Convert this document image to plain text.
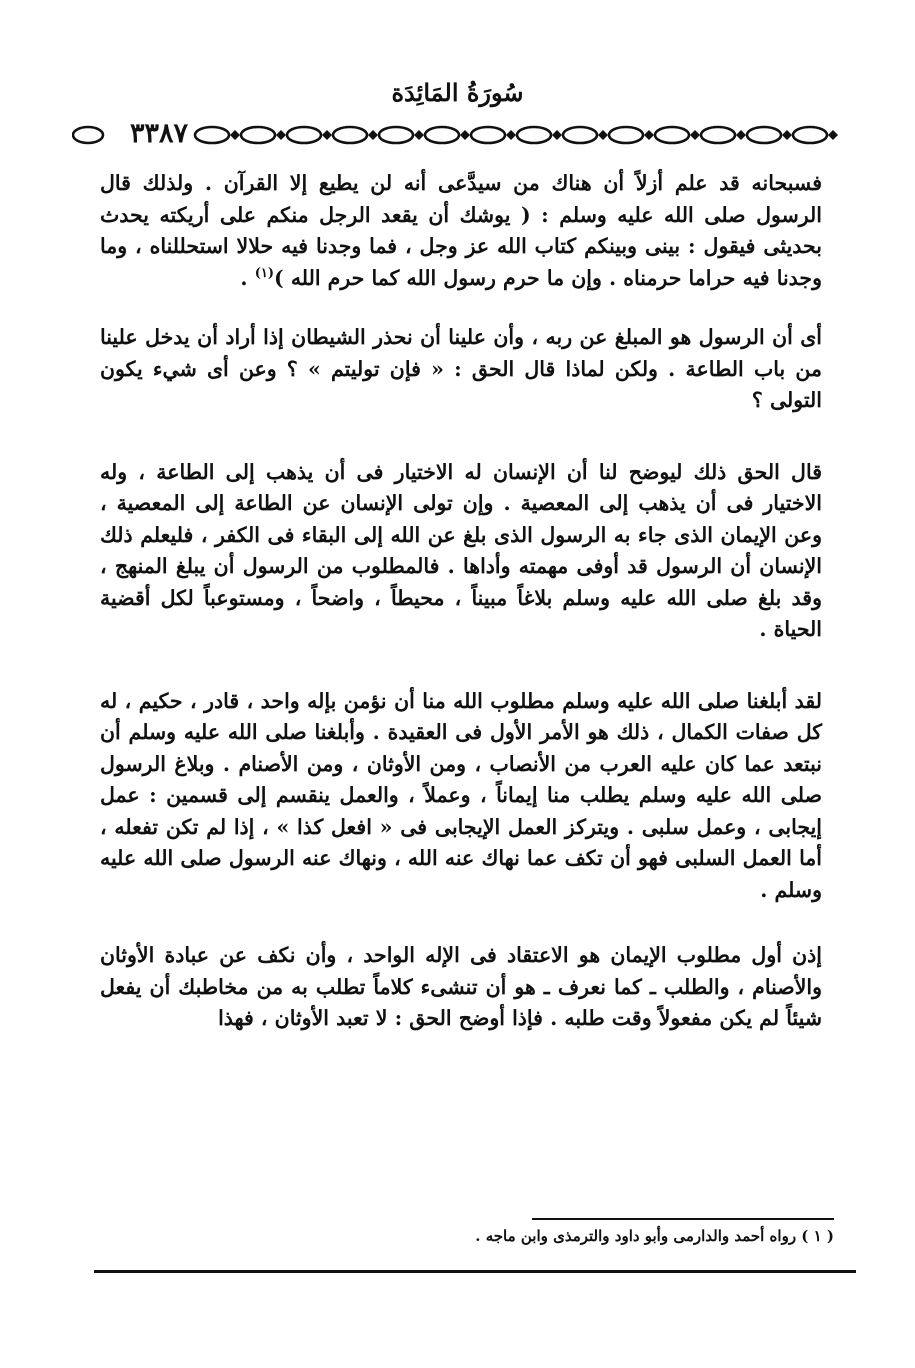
سُورَةُ المَائِدَة
٣٣٨٧

فسبحانه قد علم أزلاً أن هناك من سيدَّعى أنه لن يطيع إلا القرآن . ولذلك قال الرسول صلى الله عليه وسلم : ( يوشك أن يقعد الرجل منكم على أريكته يحدث بحديثى فيقول : بينى وبينكم كتاب الله عز وجل ، فما وجدنا فيه حلالا استحللناه ، وما وجدنا فيه حراما حرمناه . وإن ما حرم رسول الله كما حرم الله )$^{(١)}$ .

أى أن الرسول هو المبلغ عن ربه ، وأن علينا أن نحذر الشيطان إذا أراد أن يدخل علينا من باب الطاعة . ولكن لماذا قال الحق : « فإن توليتم » ؟ وعن أى شيء يكون التولى ؟

قال الحق ذلك ليوضح لنا أن الإنسان له الاختيار فى أن يذهب إلى الطاعة ، وله الاختيار فى أن يذهب إلى المعصية . وإن تولى الإنسان عن الطاعة إلى المعصية ، وعن الإيمان الذى جاء به الرسول الذى بلغ عن الله إلى البقاء فى الكفر ، فليعلم ذلك الإنسان أن الرسول قد أوفى مهمته وأداها . فالمطلوب من الرسول أن يبلغ المنهج ، وقد بلغ صلى الله عليه وسلم بلاغاً مبيناً ، محيطاً ، واضحاً ، ومستوعباً لكل أقضية الحياة .

لقد أبلغنا صلى الله عليه وسلم مطلوب الله منا أن نؤمن بإله واحد ، قادر ، حكيم ، له كل صفات الكمال ، ذلك هو الأمر الأول فى العقيدة . وأبلغنا صلى الله عليه وسلم أن نبتعد عما كان عليه العرب من الأنصاب ، ومن الأوثان ، ومن الأصنام . وبلاغ الرسول صلى الله عليه وسلم يطلب منا إيماناً ، وعملاً ، والعمل ينقسم إلى قسمين : عمل إيجابى ، وعمل سلبى . ويتركز العمل الإيجابى فى « افعل كذا » ، إذا لم تكن تفعله ، أما العمل السلبى فهو أن تكف عما نهاك عنه الله ، ونهاك عنه الرسول صلى الله عليه وسلم .

إذن أول مطلوب الإيمان هو الاعتقاد فى الإله الواحد ، وأن نكف عن عبادة الأوثان والأصنام ، والطلب ـ كما نعرف ـ هو أن تنشىء كلاماً تطلب به من مخاطبك أن يفعل شيئاً لم يكن مفعولاً وقت طلبه . فإذا أوضح الحق : لا تعبد الأوثان ، فهذا

( ١ ) رواه أحمد والدارمى وأبو داود والترمذى وابن ماجه .
